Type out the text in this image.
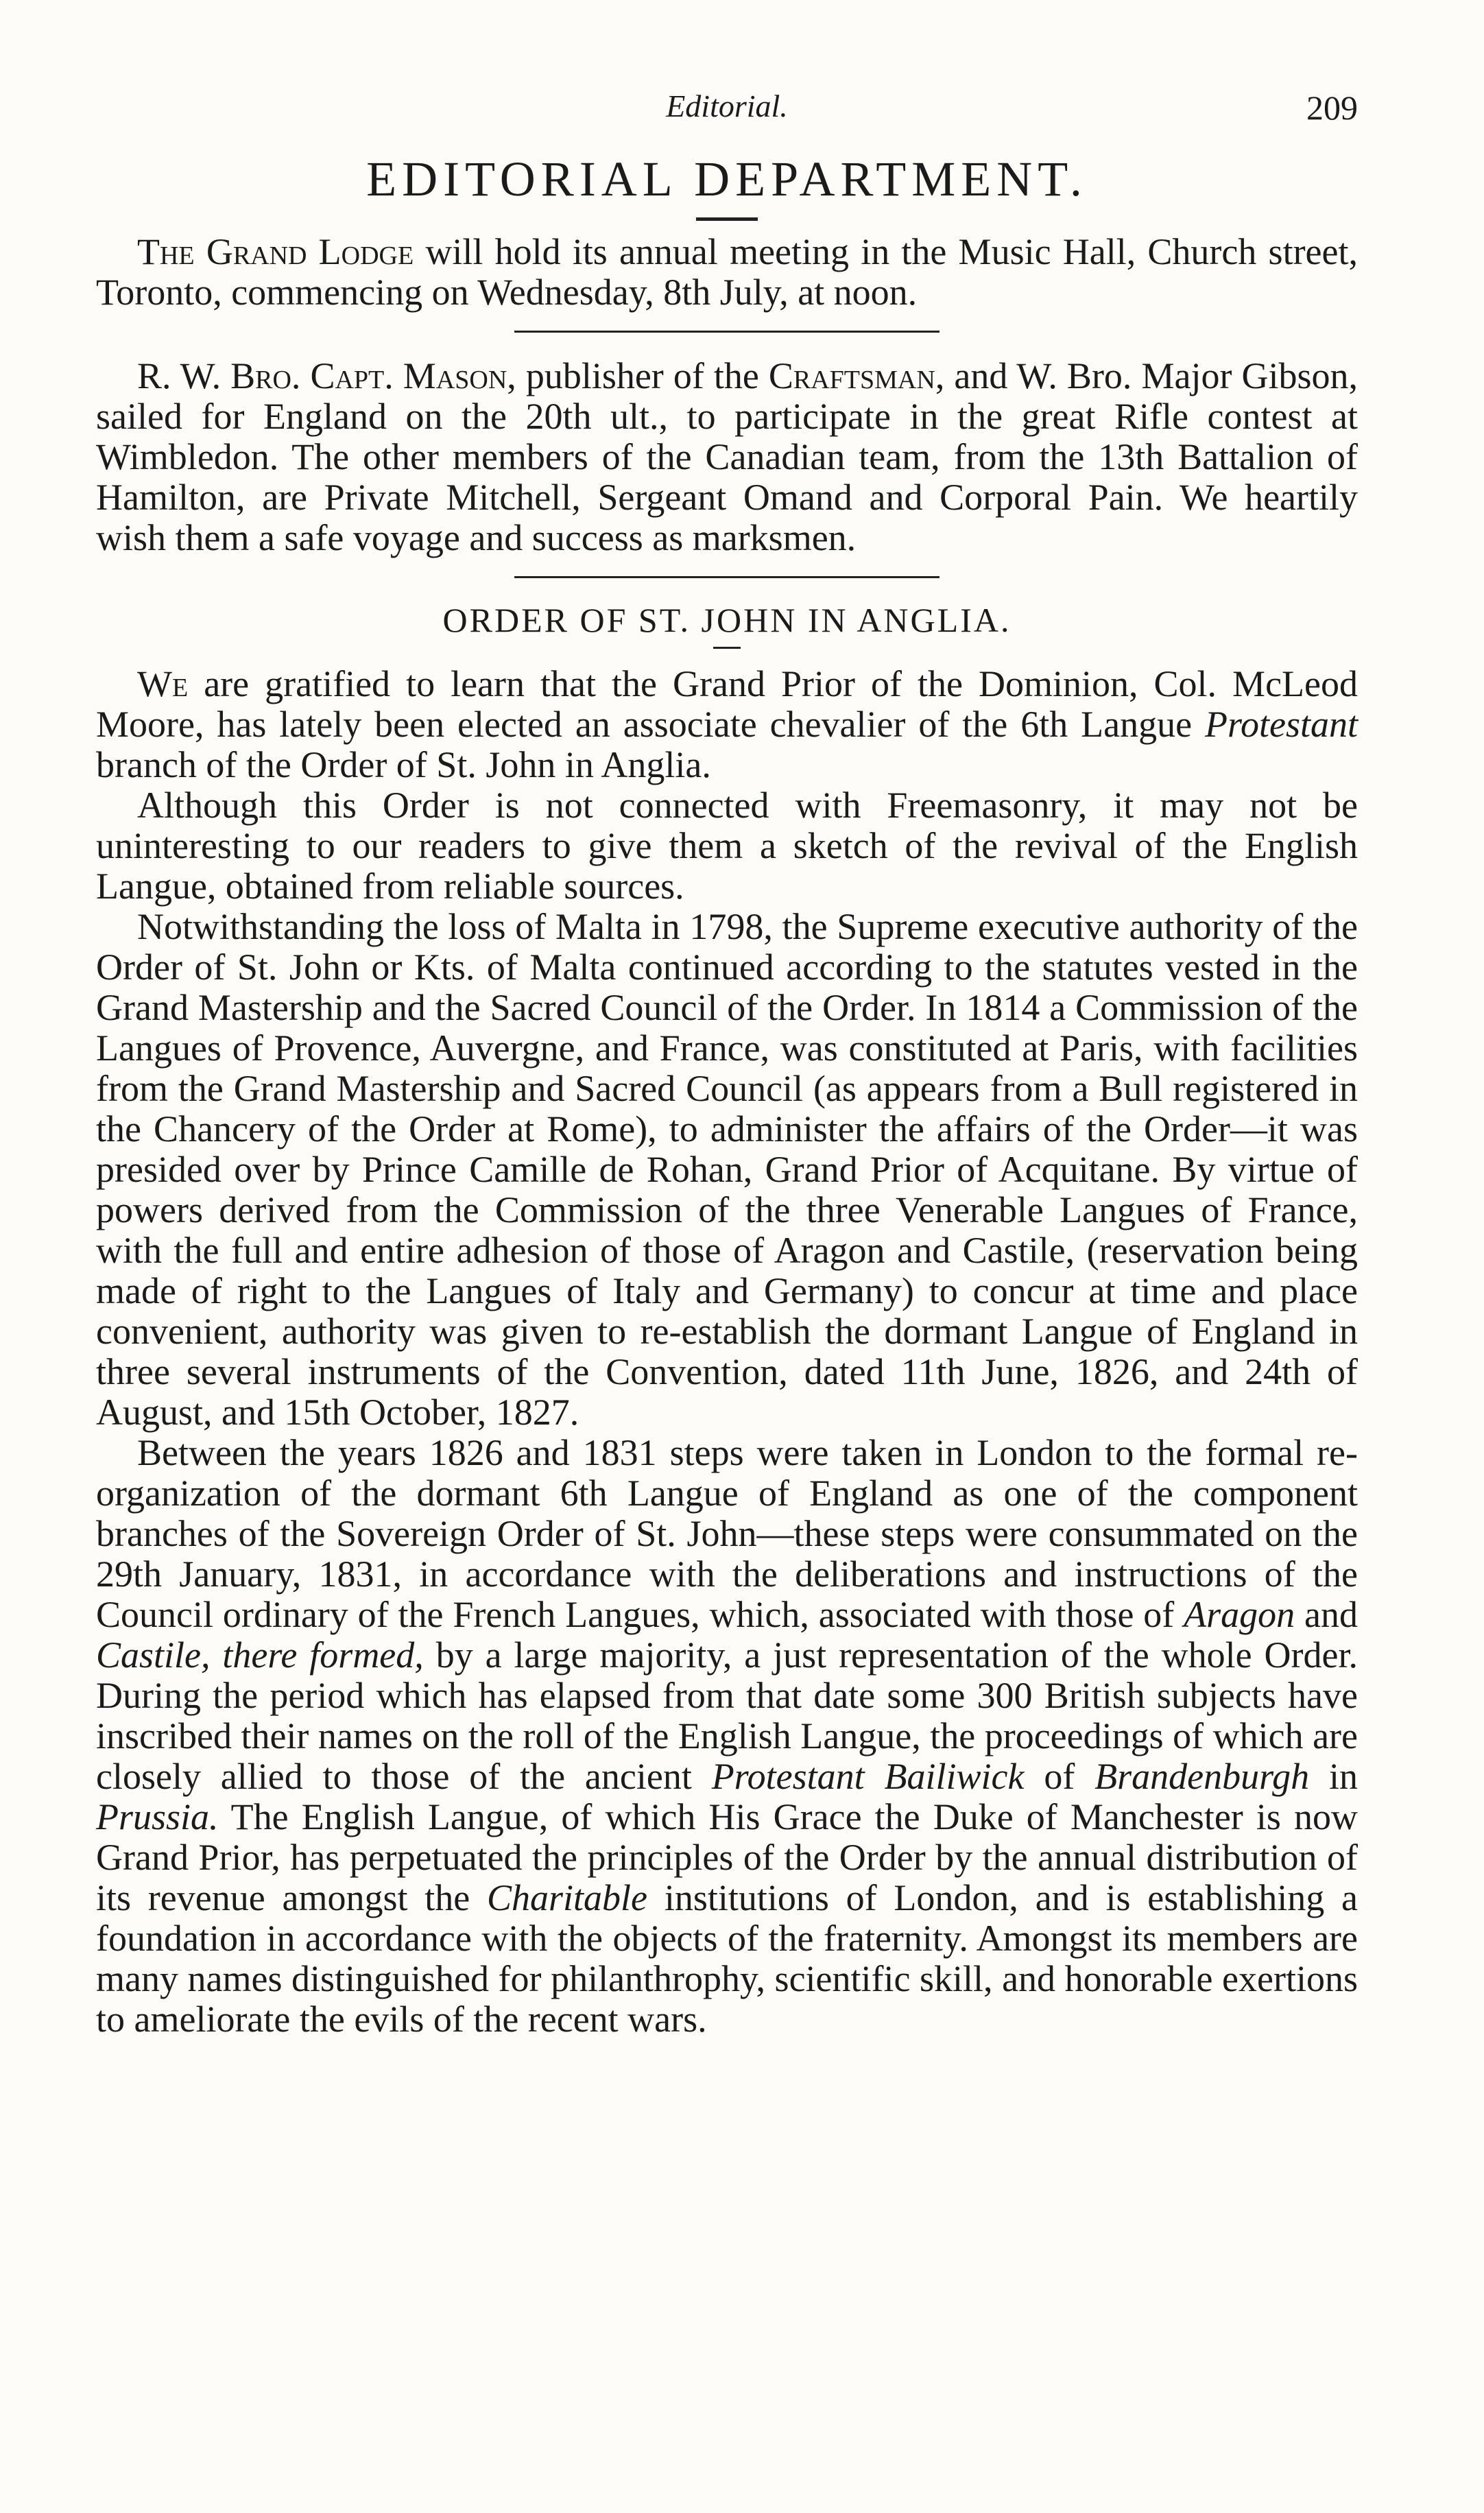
Editorial.	209
EDITORIAL DEPARTMENT.

The Grand Lodge will hold its annual meeting in the Music Hall, Church street, Toronto, commencing on Wednesday, 8th July, at noon.

R. W. Bro. Capt. Mason, publisher of the Craftsman, and W. Bro. Major Gibson, sailed for England on the 20th ult., to participate in the great Rifle contest at Wimbledon. The other members of the Canadian team, from the 13th Battalion of Hamilton, are Private Mitchell, Sergeant Omand and Corporal Pain. We heartily wish them a safe voyage and success as marksmen.

ORDER OF ST. JOHN IN ANGLIA.

We are gratified to learn that the Grand Prior of the Dominion, Col. McLeod Moore, has lately been elected an associate chevalier of the 6th Langue Protestant branch of the Order of St. John in Anglia.

Although this Order is not connected with Freemasonry, it may not be uninteresting to our readers to give them a sketch of the revival of the English Langue, obtained from reliable sources.

Notwithstanding the loss of Malta in 1798, the Supreme executive authority of the Order of St. John or Kts. of Malta continued according to the statutes vested in the Grand Mastership and the Sacred Council of the Order. In 1814 a Commission of the Langues of Provence, Auvergne, and France, was constituted at Paris, with facilities from the Grand Mastership and Sacred Council (as appears from a Bull registered in the Chancery of the Order at Rome), to administer the affairs of the Order—it was presided over by Prince Camille de Rohan, Grand Prior of Acquitane. By virtue of powers derived from the Commission of the three Venerable Langues of France, with the full and entire adhesion of those of Aragon and Castile, (reservation being made of right to the Langues of Italy and Germany) to concur at time and place convenient, authority was given to re-establish the dormant Langue of England in three several instruments of the Convention, dated 11th June, 1826, and 24th of August, and 15th October, 1827.

Between the years 1826 and 1831 steps were taken in London to the formal re-organization of the dormant 6th Langue of England as one of the component branches of the Sovereign Order of St. John—these steps were consummated on the 29th January, 1831, in accordance with the deliberations and instructions of the Council ordinary of the French Langues, which, associated with those of Aragon and Castile, there formed, by a large majority, a just representation of the whole Order. During the period which has elapsed from that date some 300 British subjects have inscribed their names on the roll of the English Langue, the proceedings of which are closely allied to those of the ancient Protestant Bailiwick of Brandenburgh in Prussia. The English Langue, of which His Grace the Duke of Manchester is now Grand Prior, has perpetuated the principles of the Order by the annual distribution of its revenue amongst the Charitable institutions of London, and is establishing a foundation in accordance with the objects of the fraternity. Amongst its members are many names distinguished for philanthrophy, scientific skill, and honorable exertions to ameliorate the evils of the recent wars.
